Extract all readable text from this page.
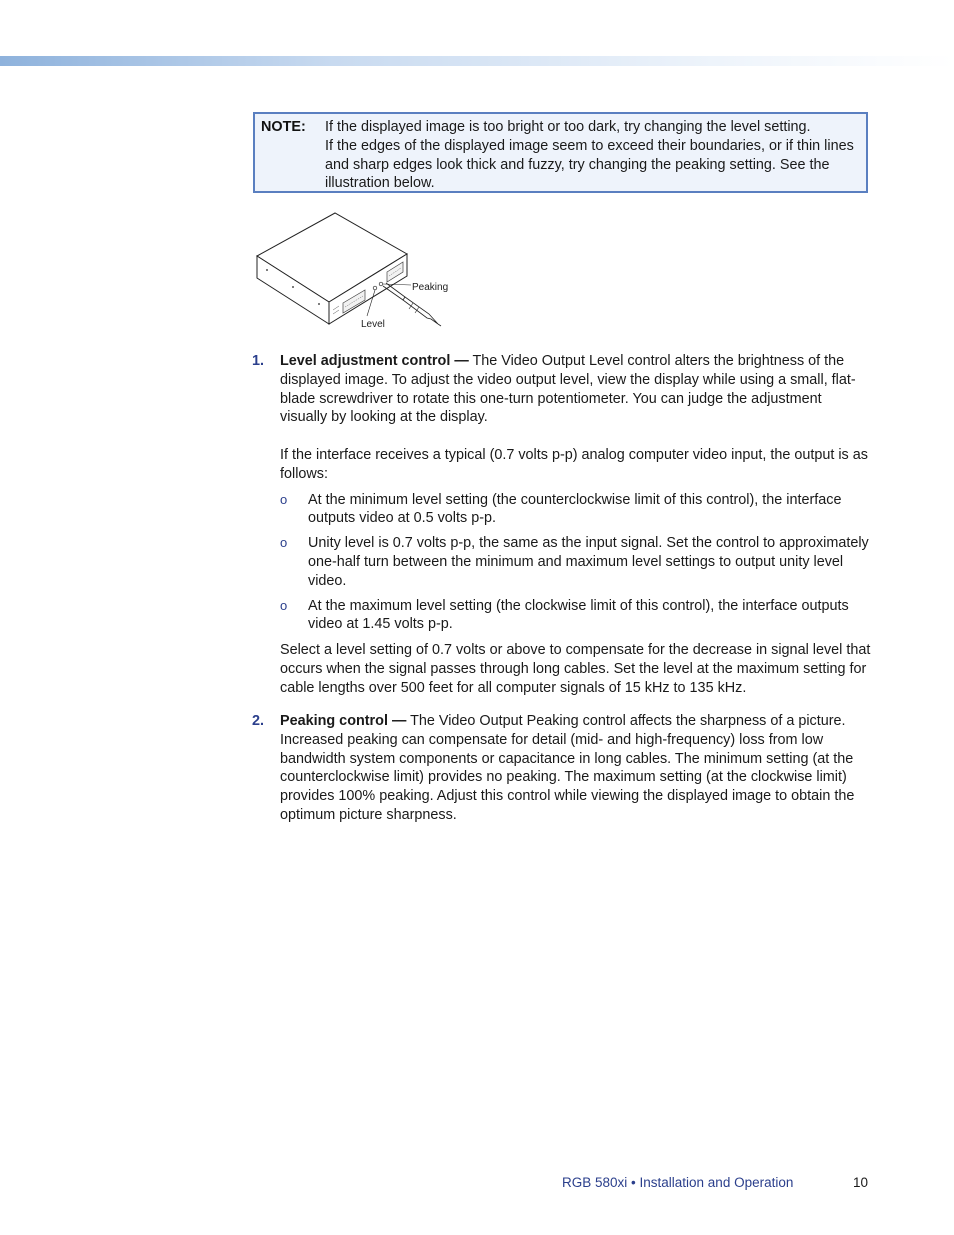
NOTE: If the displayed image is too bright or too dark, try changing the level setting.

If the edges of the displayed image seem to exceed their boundaries, or if thin lines and sharp edges look thick and fuzzy, try changing the peaking setting. See the illustration below.

Peaking
Level
1. Level adjustment control — The Video Output Level control alters the brightness of the displayed image. To adjust the video output level, view the display while using a small, flat-blade screwdriver to rotate this one-turn potentiometer. You can judge the adjustment visually by looking at the display.

If the interface receives a typical (0.7 volts p-p) analog computer video input, the output is as follows:

o At the minimum level setting (the counterclockwise limit of this control), the interface outputs video at 0.5 volts p-p.
o Unity level is 0.7 volts p-p, the same as the input signal. Set the control to approximately one-half turn between the minimum and maximum level settings to output unity level video.
o At the maximum level setting (the clockwise limit of this control), the interface outputs video at 1.45 volts p-p.

Select a level setting of 0.7 volts or above to compensate for the decrease in signal level that occurs when the signal passes through long cables. Set the level at the maximum setting for cable lengths over 500 feet for all computer signals of 15 kHz to 135 kHz.

2. Peaking control — The Video Output Peaking control affects the sharpness of a picture. Increased peaking can compensate for detail (mid- and high-frequency) loss from low bandwidth system components or capacitance in long cables. The minimum setting (at the counterclockwise limit) provides no peaking. The maximum setting (at the clockwise limit) provides 100% peaking. Adjust this control while viewing the displayed image to obtain the optimum picture sharpness.

RGB 580xi • Installation and Operation	10
